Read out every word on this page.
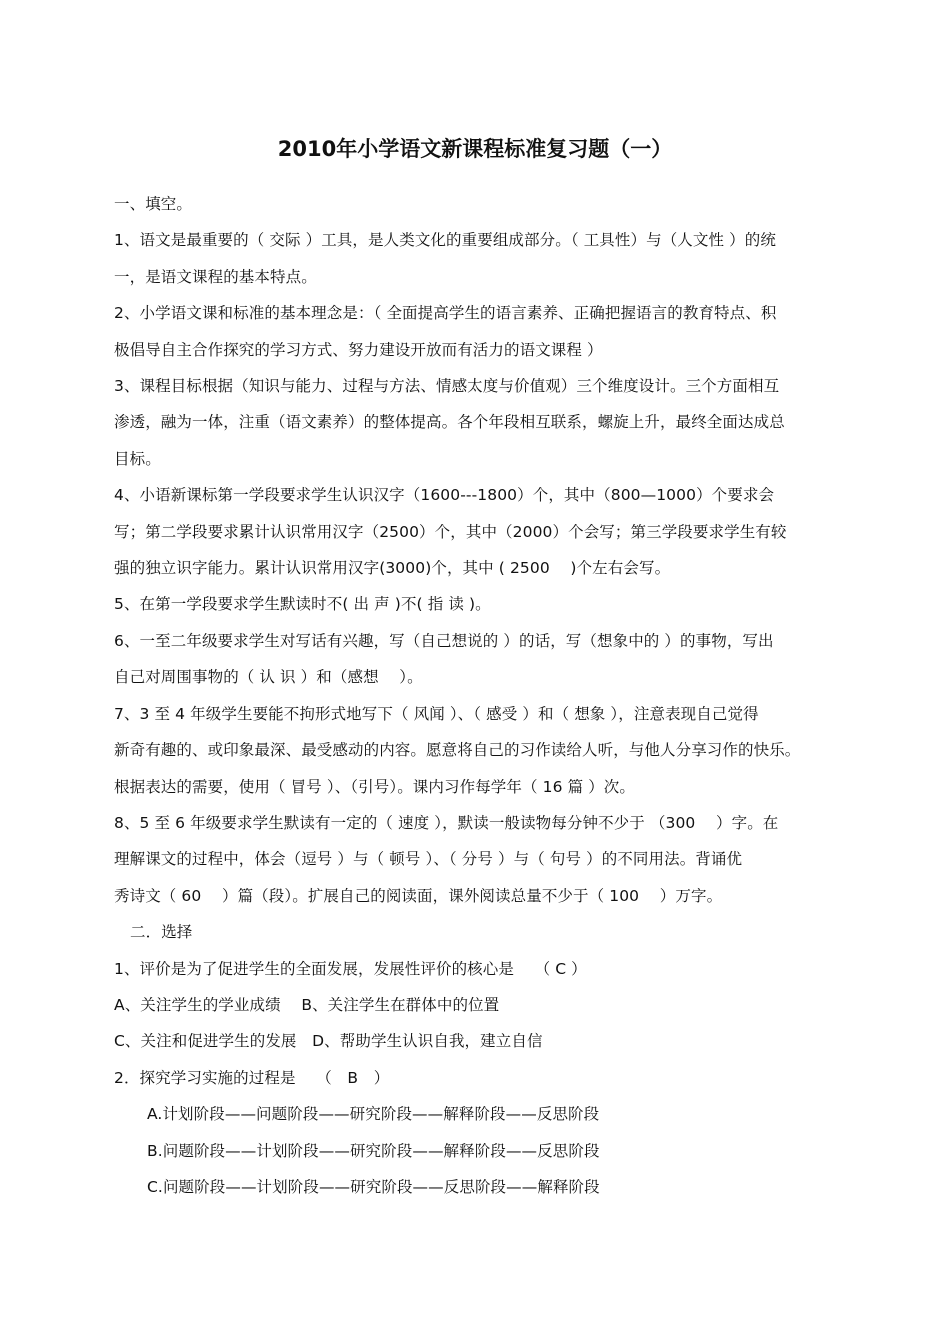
2010年小学语文新课程标准复习题（一）
一、填空。
1、语文是最重要的（ 交际 ）工具，是人类文化的重要组成部分。（ 工具性）与（人文性 ）的统
一，是语文课程的基本特点。
2、小学语文课和标准的基本理念是：（ 全面提高学生的语言素养、正确把握语言的教育特点、积
极倡导自主合作探究的学习方式、努力建设开放而有活力的语文课程 ）
3、课程目标根据（知识与能力、过程与方法、情感太度与价值观）三个维度设计。三个方面相互
渗透，融为一体，注重（语文素养）的整体提高。各个年段相互联系，螺旋上升，最终全面达成总
目标。
4、小语新课标第一学段要求学生认识汉字（1600---1800）个，其中（800—1000）个要求会
写；第二学段要求累计认识常用汉字（2500）个，其中（2000）个会写；第三学段要求学生有较
强的独立识字能力。累计认识常用汉字(3000)个，其中 ( 2500 　)个左右会写。
5、在第一学段要求学生默读时不( 出 声 )不( 指 读 )。
6、一至二年级要求学生对写话有兴趣，写（自己想说的 ）的话，写（想象中的 ）的事物，写出
自己对周围事物的（ 认 识 ）和（感想 　）。
7、3 至 4 年级学生要能不拘形式地写下（ 风闻 ）、（ 感受 ）和（ 想象 ），注意表现自己觉得
新奇有趣的、或印象最深、最受感动的内容。愿意将自己的习作读给人听，与他人分享习作的快乐。
根据表达的需要，使用（ 冒号 ）、（引号）。课内习作每学年（ 16 篇 ）次。
8、5 至 6 年级要求学生默读有一定的（ 速度 ），默读一般读物每分钟不少于 （300 　）字。在
理解课文的过程中，体会（逗号 ）与（ 顿号 ）、（ 分号 ）与（ 句号 ）的不同用法。背诵优
秀诗文（ 60 　）篇（段）。扩展自己的阅读面，课外阅读总量不少于（ 100 　）万字。
二．选择
1、评价是为了促进学生的全面发展，发展性评价的核心是　 （ C ）
A、关注学生的学业成绩　 B、关注学生在群体中的位置
C、关注和促进学生的发展　D、帮助学生认识自我，建立自信
2．探究学习实施的过程是　 （　B　）
A.计划阶段——问题阶段——研究阶段——解释阶段——反思阶段
B.问题阶段——计划阶段——研究阶段——解释阶段——反思阶段
C.问题阶段——计划阶段——研究阶段——反思阶段——解释阶段
